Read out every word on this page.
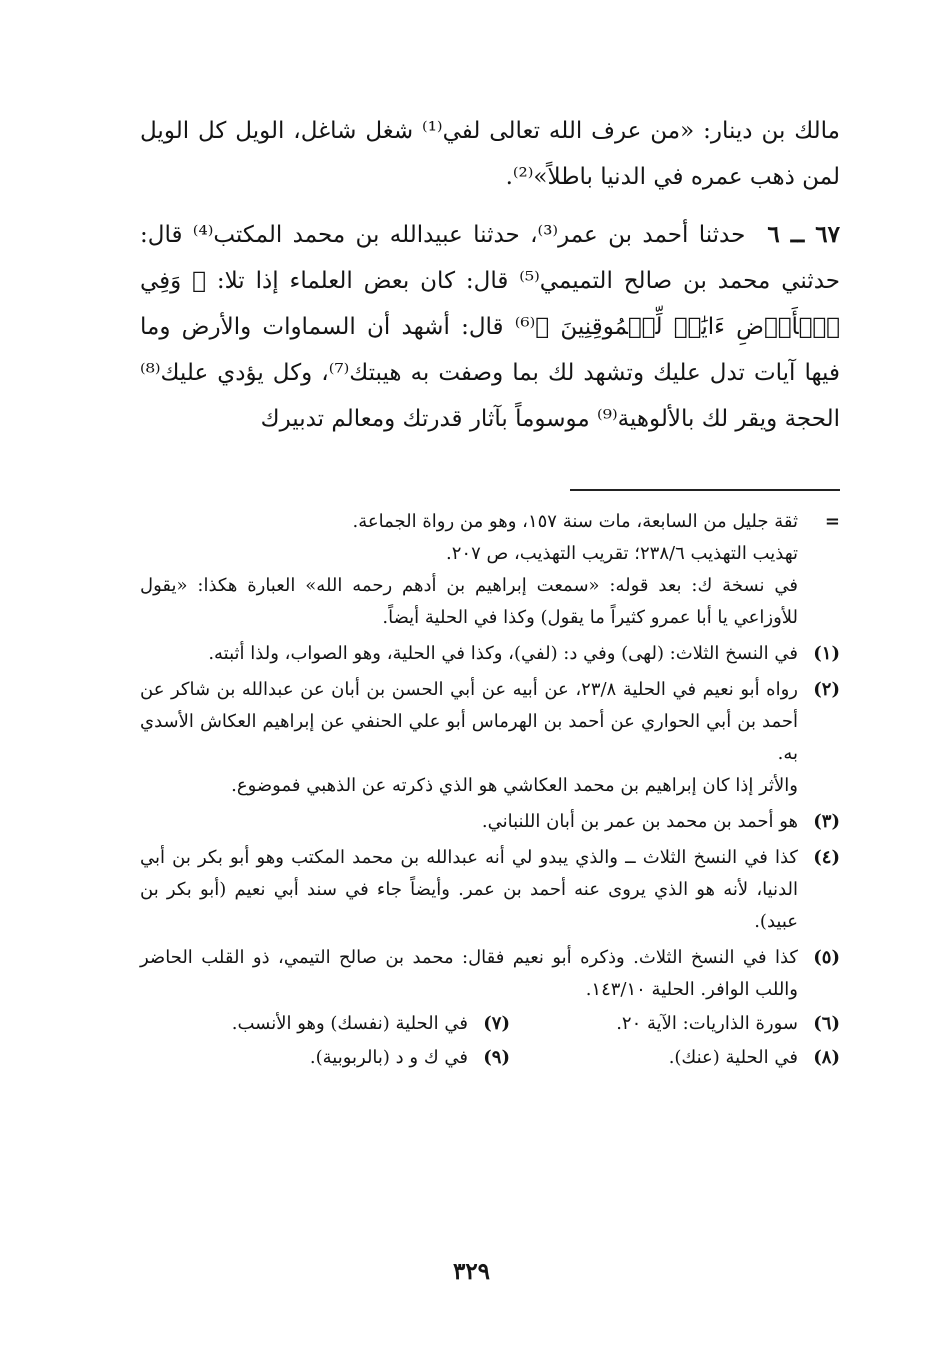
مالك بن دينار: «من عرف الله تعالى لفي⁽¹⁾ شغل شاغل، الويل كل الويل لمن ذهب عمره في الدنيا باطلاً»⁽²⁾.

٦٧ ــ ٦حدثنا أحمد بن عمر⁽³⁾، حدثنا عبيدالله بن محمد المكتب⁽⁴⁾ قال: حدثني محمد بن صالح التميمي⁽⁵⁾ قال: كان بعض العلماء إذا تلا: ﴿ وَفِي ٱلۡأَرۡضِ ءَايَٰتٞ لِّلۡمُوقِنِينَ ﴾⁽⁶⁾ قال: أشهد أن السماوات والأرض وما فيها آيات تدل عليك وتشهد لك بما وصفت به هيبتك⁽⁷⁾، وكل يؤدي عليك⁽⁸⁾ الحجة ويقر لك بالألوهية⁽⁹⁾ موسوماً بآثار قدرتك ومعالم تدبيرك

=
ثقة جليل من السابعة، مات سنة ١٥٧، وهو من رواة الجماعة.
تهذيب التهذيب ٢٣٨/٦؛ تقريب التهذيب، ص ٢٠٧.
في نسخة ك: بعد قوله: «سمعت إبراهيم بن أدهم رحمه الله» العبارة هكذا: «يقول للأوزاعي يا أبا عمرو كثيراً ما يقول) وكذا في الحلية أيضاً.
(١)
في النسخ الثلاث: (لهى) وفي د: (لفي)، وكذا في الحلية، وهو الصواب، ولذا أثبته.
(٢)
رواه أبو نعيم في الحلية ٢٣/٨، عن أبيه عن أبي الحسن بن أبان عن عبدالله بن شاكر عن أحمد بن أبي الحواري عن أحمد بن الهرماس أبو علي الحنفي عن إبراهيم العكاش الأسدي به.
والأثر إذا كان إبراهيم بن محمد العكاشي هو الذي ذكرته عن الذهبي فموضوع.
(٣)
هو أحمد بن محمد بن عمر بن أبان اللنباني.
(٤)
كذا في النسخ الثلاث ــ والذي يبدو لي أنه عبدالله بن محمد المكتب وهو أبو بكر بن أبي الدنيا، لأنه هو الذي يروى عنه أحمد بن عمر. وأيضاً جاء في سند أبي نعيم (أبو بكر بن عبيد).
(٥)
كذا في النسخ الثلاث. وذكره أبو نعيم فقال: محمد بن صالح التيمي، ذو القلب الحاضر واللب الوافر. الحلية ١٤٣/١٠.
(٦)
سورة الذاريات: الآية ٢٠.
(٧)
في الحلية (نفسك) وهو الأنسب.
(٨)
في الحلية (عنك).
(٩)
في ك و د (بالربوبية).
٣٢٩
